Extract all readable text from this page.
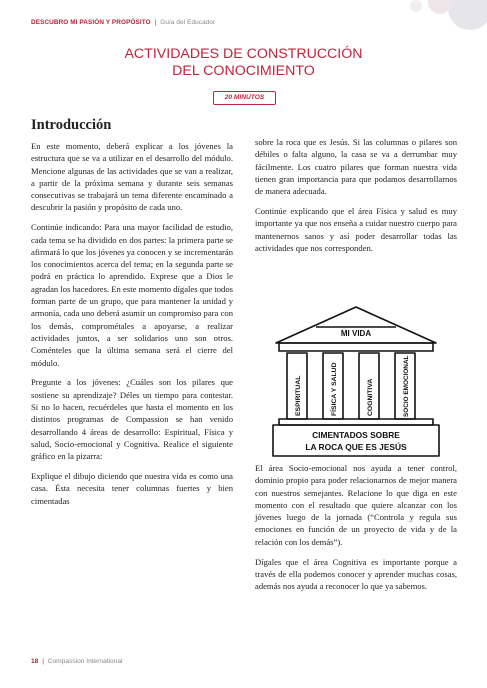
DESCUBRO MI PASIÓN Y PROPÓSITO | Guía del Educador
ACTIVIDADES DE CONSTRUCCIÓN
DEL CONOCIMIENTO
20 MINUTOS
Introducción

En este momento, deberá explicar a los jóvenes la estructura que se va a utilizar en el desarrollo del módulo. Mencione algunas de las actividades que se van a realizar, a partir de la próxima semana y durante seis semanas consecutivas se trabajará un tema diferente encaminado a descubrir la pasión y propósito de cada uno.

Continúe indicando: Para una mayor facilidad de estudio, cada tema se ha dividido en dos partes: la primera parte se afirmará lo que los jóvenes ya conocen y se incrementarán los conocimientos acerca del tema; en la segunda parte se podrá en práctica lo aprendido. Exprese que a Dios le agradan los hacedores. En este momento dígales que todos forman parte de un grupo, que para mantener la unidad y armonía, cada uno deberá asumir un compromiso para con los demás, comprométales a apoyarse, a realizar actividades juntos, a ser solidarios uno son otros. Coménteles que la última semana será el cierre del módulo.

Pregunte a los jóvenes: ¿Cuáles son los pilares que sostiene su aprendizaje? Déles un tiempo para contestar. Si no lo hacen, recuérdeles que hasta el momento en los distintos programas de Compassion se han venido desarrollando 4 áreas de desarrollo: Espiritual, Física y salud, Socio-emocional y Cognitiva. Realice el siguiente gráfico en la pizarra:

Explique el dibujo diciendo que nuestra vida es como una casa. Ésta necesita tener columnas fuertes y bien cimentadas

sobre la roca que es Jesús. Si las columnas o pilares son débiles o falta alguno, la casa se va a derrumbar muy fácilmente. Los cuatro pilares que forman nuestra vida tienen gran importancia para que podamos desarrollarnos de manera adecuada.

Continúe explicando que el área Física y salud es muy importante ya que nos enseña a cuidar nuestro cuerpo para mantenernos sanos y así poder desarrollar todas las actividades que nos corresponden.

MI VIDA
ESPIRITUAL	FÍSICA Y SALUD	COGNITIVA	SOCIO EMOCIONAL
CIMENTADOS SOBRE
LA ROCA QUE ES JESÚS

El área Socio-emocional nos ayuda a tener control, dominio propio para poder relacionarnos de mejor manera con nuestros semejantes. Relacione lo que diga en este momento con el resultado que quiere alcanzar con los jóvenes luego de la jornada (“Controla y regula sus emociones en función de un proyecto de vida y de la relación con los demás”).

Dígales que el área Cognitiva es importante porque a través de ella podemos conocer y aprender muchas cosas, además nos ayuda a reconocer lo que ya sabemos.

18 | Compassion International
